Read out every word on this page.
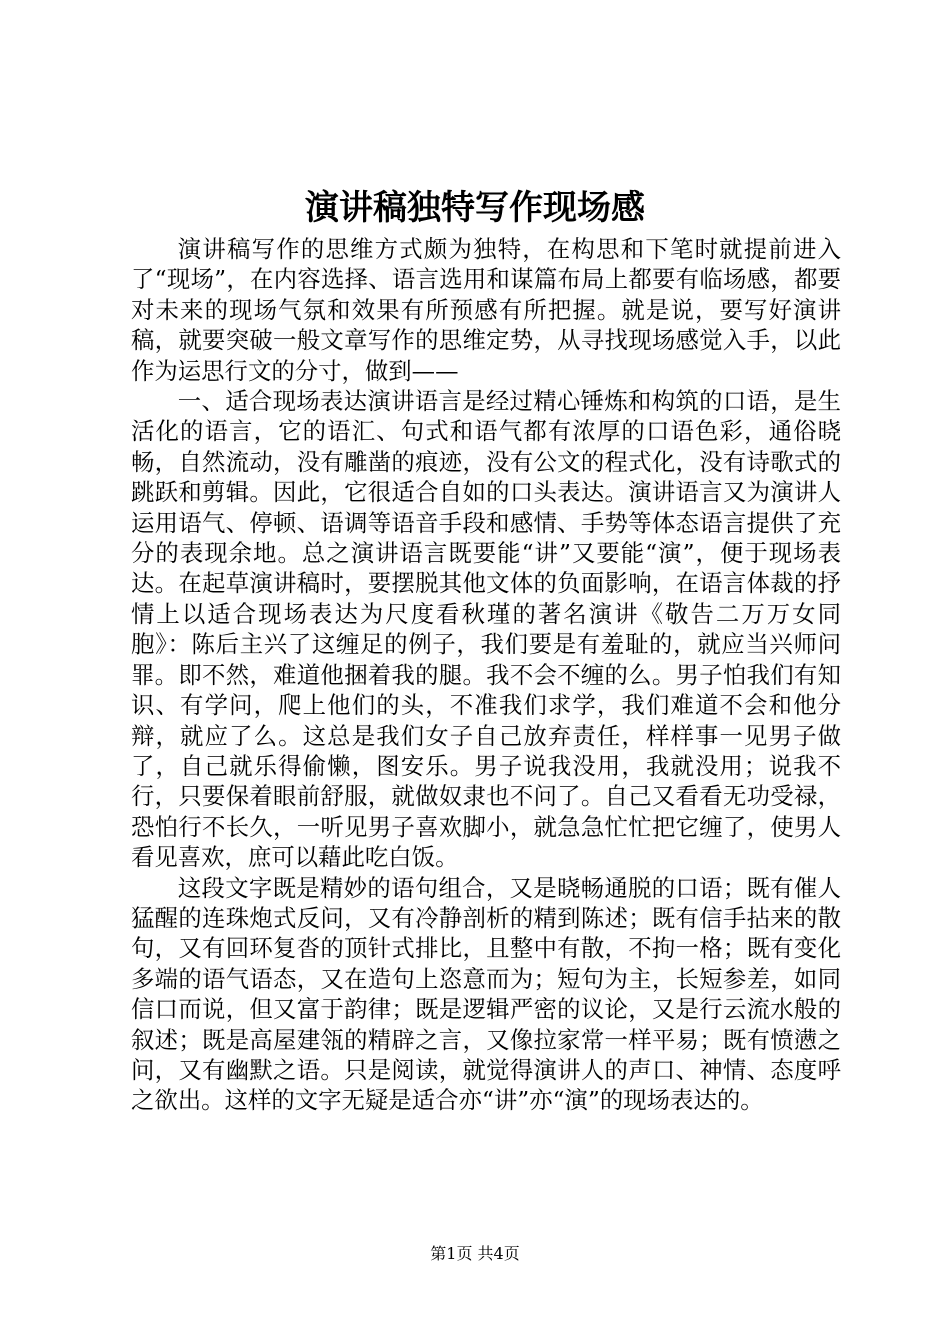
演讲稿独特写作现场感

演讲稿写作的思维方式颇为独特，在构思和下笔时就提前进入了“现场”，在内容选择、语言选用和谋篇布局上都要有临场感，都要对未来的现场气氛和效果有所预感有所把握。就是说，要写好演讲稿，就要突破一般文章写作的思维定势，从寻找现场感觉入手，以此作为运思行文的分寸，做到——

一、适合现场表达演讲语言是经过精心锤炼和构筑的口语，是生活化的语言，它的语汇、句式和语气都有浓厚的口语色彩，通俗晓畅，自然流动，没有雕凿的痕迹，没有公文的程式化，没有诗歌式的跳跃和剪辑。因此，它很适合自如的口头表达。演讲语言又为演讲人运用语气、停顿、语调等语音手段和感情、手势等体态语言提供了充分的表现余地。总之演讲语言既要能“讲”又要能“演”，便于现场表达。在起草演讲稿时，要摆脱其他文体的负面影响，在语言体裁的抒情上以适合现场表达为尺度看秋瑾的著名演讲《敬告二万万女同胞》：陈后主兴了这缠足的例子，我们要是有羞耻的，就应当兴师问罪。即不然，难道他捆着我的腿。我不会不缠的么。男子怕我们有知识、有学问，爬上他们的头，不准我们求学，我们难道不会和他分辩，就应了么。这总是我们女子自己放弃责任，样样事一见男子做了，自己就乐得偷懒，图安乐。男子说我没用，我就没用；说我不行，只要保着眼前舒服，就做奴隶也不问了。自己又看看无功受禄，恐怕行不长久，一听见男子喜欢脚小，就急急忙忙把它缠了，使男人看见喜欢，庶可以藉此吃白饭。

这段文字既是精妙的语句组合，又是晓畅通脱的口语；既有催人猛醒的连珠炮式反问，又有冷静剖析的精到陈述；既有信手拈来的散句，又有回环复沓的顶针式排比，且整中有散，不拘一格；既有变化多端的语气语态，又在造句上恣意而为；短句为主，长短参差，如同信口而说，但又富于韵律；既是逻辑严密的议论，又是行云流水般的叙述；既是高屋建瓴的精辟之言，又像拉家常一样平易；既有愤懑之问，又有幽默之语。只是阅读，就觉得演讲人的声口、神情、态度呼之欲出。这样的文字无疑是适合亦“讲”亦“演”的现场表达的。

第1页 共4页
